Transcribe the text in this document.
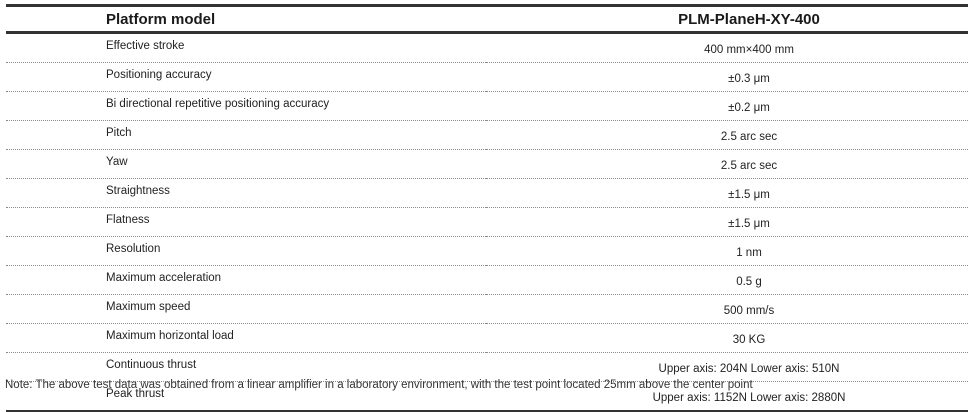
Platform model	PLM-PlaneH-XY-400
Effective stroke	400 mm×400 mm
Positioning accuracy	±0.3 μm
Bi directional repetitive positioning accuracy	±0.2 μm
Pitch	2.5 arc sec
Yaw	2.5 arc sec
Straightness	±1.5 μm
Flatness	±1.5 μm
Resolution	1 nm
Maximum acceleration	0.5 g
Maximum speed	500 mm/s
Maximum horizontal load	30 KG
Continuous thrust	Upper axis: 204N Lower axis: 510N
Peak thrust	Upper axis: 1152N Lower axis: 2880N
Note: The above test data was obtained from a linear amplifier in a laboratory environment, with the test point located 25mm above the center point
